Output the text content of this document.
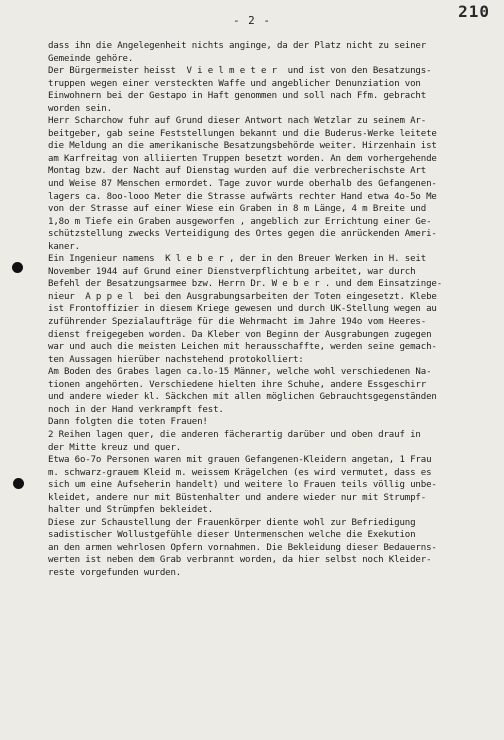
210
- 2 -
dass ihn die Angelegenheit nichts anginge, da der Platz nicht zu seiner
Gemeinde gehöre.
Der Bürgermeister heisst  V i e l m e t e r  und ist von den Besatzungs-
truppen wegen einer versteckten Waffe und angeblicher Denunziation von
Einwohnern bei der Gestapo in Haft genommen und soll nach Ffm. gebracht
worden sein.
Herr Scharchow fuhr auf Grund dieser Antwort nach Wetzlar zu seinem Ar-
beitgeber, gab seine Feststellungen bekannt und die Buderus-Werke leitete
die Meldung an die amerikanische Besatzungsbehörde weiter. Hirzenhain ist
am Karfreitag von alliierten Truppen besetzt worden. An dem vorhergehende
Montag bzw. der Nacht auf Dienstag wurden auf die verbrecherischste Art
und Weise 87 Menschen ermordet. Tage zuvor wurde oberhalb des Gefangenen-
lagers ca. 8oo-looo Meter die Strasse aufwärts rechter Hand etwa 4o-5o Me
von der Strasse auf einer Wiese ein Graben in 8 m Länge, 4 m Breite und
1,8o m Tiefe ein Graben ausgeworfen , angeblich zur Errichtung einer Ge-
schützstellung zwecks Verteidigung des Ortes gegen die anrückenden Ameri-
kaner.
Ein Ingenieur namens  K l e b e r , der in den Breuer Werken in H. seit
November 1944 auf Grund einer Dienstverpflichtung arbeitet, war durch
Befehl der Besatzungsarmee bzw. Herrn Dr. W e b e r . und dem Einsatzinge-
nieur  A p p e l  bei den Ausgrabungsarbeiten der Toten eingesetzt. Klebe
ist Frontoffizier in diesem Kriege gewesen und durch UK-Stellung wegen au
zuführender Spezialaufträge für die Wehrmacht im Jahre 194o vom Heeres-
dienst freigegeben worden. Da Kleber von Beginn der Ausgrabungen zugegen
war und auch die meisten Leichen mit herausschaffte, werden seine gemach-
ten Aussagen hierüber nachstehend protokolliert:
Am Boden des Grabes lagen ca.lo-15 Männer, welche wohl verschiedenen Na-
tionen angehörten. Verschiedene hielten ihre Schuhe, andere Essgeschirr
und andere wieder kl. Säckchen mit allen möglichen Gebrauchtsgegenständen
noch in der Hand verkrampft fest.
Dann folgten die toten Frauen!
2 Reihen lagen quer, die anderen fächerartig darüber und oben drauf in
der Mitte kreuz und quer.
Etwa 6o-7o Personen waren mit grauen Gefangenen-Kleidern angetan, 1 Frau
m. schwarz-grauem Kleid m. weissem Krägelchen (es wird vermutet, dass es
sich um eine Aufseherin handelt) und weitere lo Frauen teils völlig unbe-
kleidet, andere nur mit Büstenhalter und andere wieder nur mit Strumpf-
halter und Strümpfen bekleidet.
Diese zur Schaustellung der Frauenkörper diente wohl zur Befriedigung
sadistischer Wollustgefühle dieser Untermenschen welche die Exekution
an den armen wehrlosen Opfern vornahmen. Die Bekleidung dieser Bedauerns-
werten ist neben dem Grab verbrannt worden, da hier selbst noch Kleider-
reste vorgefunden wurden.
